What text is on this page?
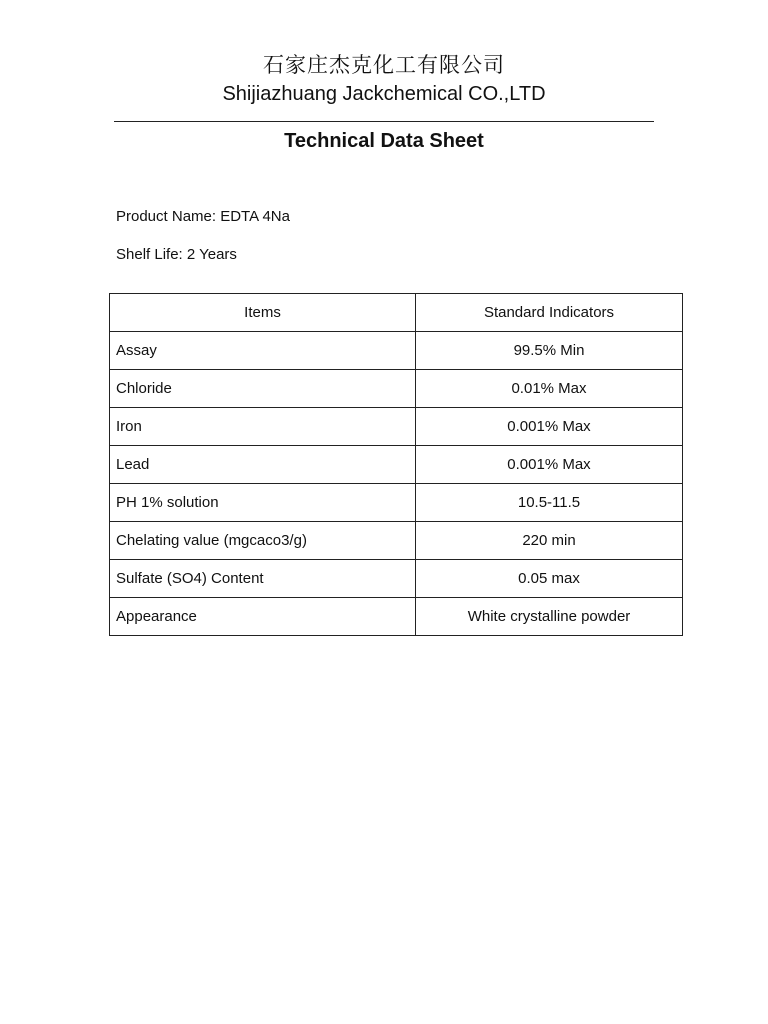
石家庄杰克化工有限公司
Shijiazhuang Jackchemical CO.,LTD
Technical Data Sheet
Product Name: EDTA 4Na
Shelf Life: 2 Years
Items	Standard Indicators
Assay	99.5% Min
Chloride	0.01% Max
Iron	0.001% Max
Lead	0.001% Max
PH 1% solution	10.5-11.5
Chelating value (mgcaco3/g)	220 min
Sulfate (SO4) Content	0.05 max
Appearance	White crystalline powder
